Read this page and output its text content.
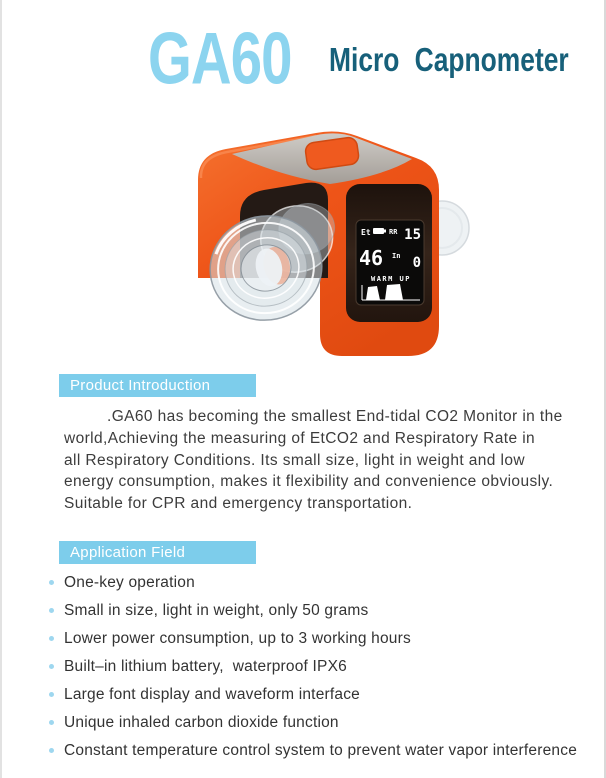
GA60 Micro Capnometer
Et	RR 15
46 In 0
WARM UP
Product Introduction
.GA60 has becoming the smallest End-tidal CO2 Monitor in the
world,Achieving the measuring of EtCO2 and Respiratory Rate in
all Respiratory Conditions. Its small size, light in weight and low
energy consumption, makes it flexibility and convenience obviously.
Suitable for CPR and emergency transportation.
Application Field
One-key operation
Small in size, light in weight, only 50 grams
Lower power consumption, up to 3 working hours
Built–in lithium battery,  waterproof IPX6
Large font display and waveform interface
Unique inhaled carbon dioxide function
Constant temperature control system to prevent water vapor interference
